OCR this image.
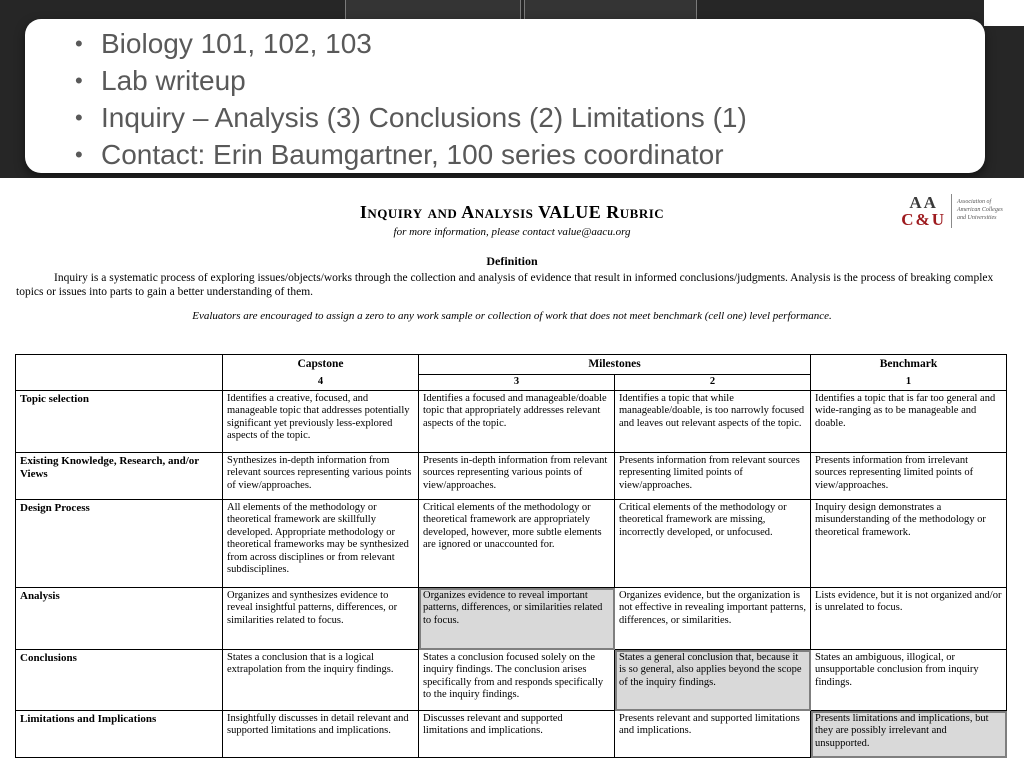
• Biology 101, 102, 103
• Lab writeup
• Inquiry – Analysis (3) Conclusions (2) Limitations (1)
• Contact: Erin Baumgartner, 100 series coordinator
AA
C&U
Association of American Colleges and Universities
Inquiry and Analysis VALUE Rubric
for more information, please contact value@aacu.org
Definition
Inquiry is a systematic process of exploring issues/objects/works through the collection and analysis of evidence that result in informed conclusions/judgments. Analysis is the process of breaking complex topics or issues into parts to gain a better understanding of them.
Evaluators are encouraged to assign a zero to any work sample or collection of work that does not meet benchmark (cell one) level performance.
	Capstone	Milestones		Benchmark
	4	3	2	1
Topic selection	Identifies a creative, focused, and manageable topic that addresses potentially significant yet previously less-explored aspects of the topic.	Identifies a focused and manageable/doable topic that appropriately addresses relevant aspects of the topic.	Identifies a topic that while manageable/doable, is too narrowly focused and leaves out relevant aspects of the topic.	Identifies a topic that is far too general and wide-ranging as to be manageable and doable.
Existing Knowledge, Research, and/or Views	Synthesizes in-depth information from relevant sources representing various points of view/approaches.	Presents in-depth information from relevant sources representing various points of view/approaches.	Presents information from relevant sources representing limited points of view/approaches.	Presents information from irrelevant sources representing limited points of view/approaches.
Design Process	All elements of the methodology or theoretical framework are skillfully developed. Appropriate methodology or theoretical frameworks may be synthesized from across disciplines or from relevant subdisciplines.	Critical elements of the methodology or theoretical framework are appropriately developed, however, more subtle elements are ignored or unaccounted for.	Critical elements of the methodology or theoretical framework are missing, incorrectly developed, or unfocused.	Inquiry design demonstrates a misunderstanding of the methodology or theoretical framework.
Analysis	Organizes and synthesizes evidence to reveal insightful patterns, differences, or similarities related to focus.	Organizes evidence to reveal important patterns, differences, or similarities related to focus.	Organizes evidence, but the organization is not effective in revealing important patterns, differences, or similarities.	Lists evidence, but it is not organized and/or is unrelated to focus.
Conclusions	States a conclusion that is a logical extrapolation from the inquiry findings.	States a conclusion focused solely on the inquiry findings. The conclusion arises specifically from and responds specifically to the inquiry findings.	States a general conclusion that, because it is so general, also applies beyond the scope of the inquiry findings.	States an ambiguous, illogical, or unsupportable conclusion from inquiry findings.
Limitations and Implications	Insightfully discusses in detail relevant and supported limitations and implications.	Discusses relevant and supported limitations and implications.	Presents relevant and supported limitations and implications.	Presents limitations and implications, but they are possibly irrelevant and unsupported.
